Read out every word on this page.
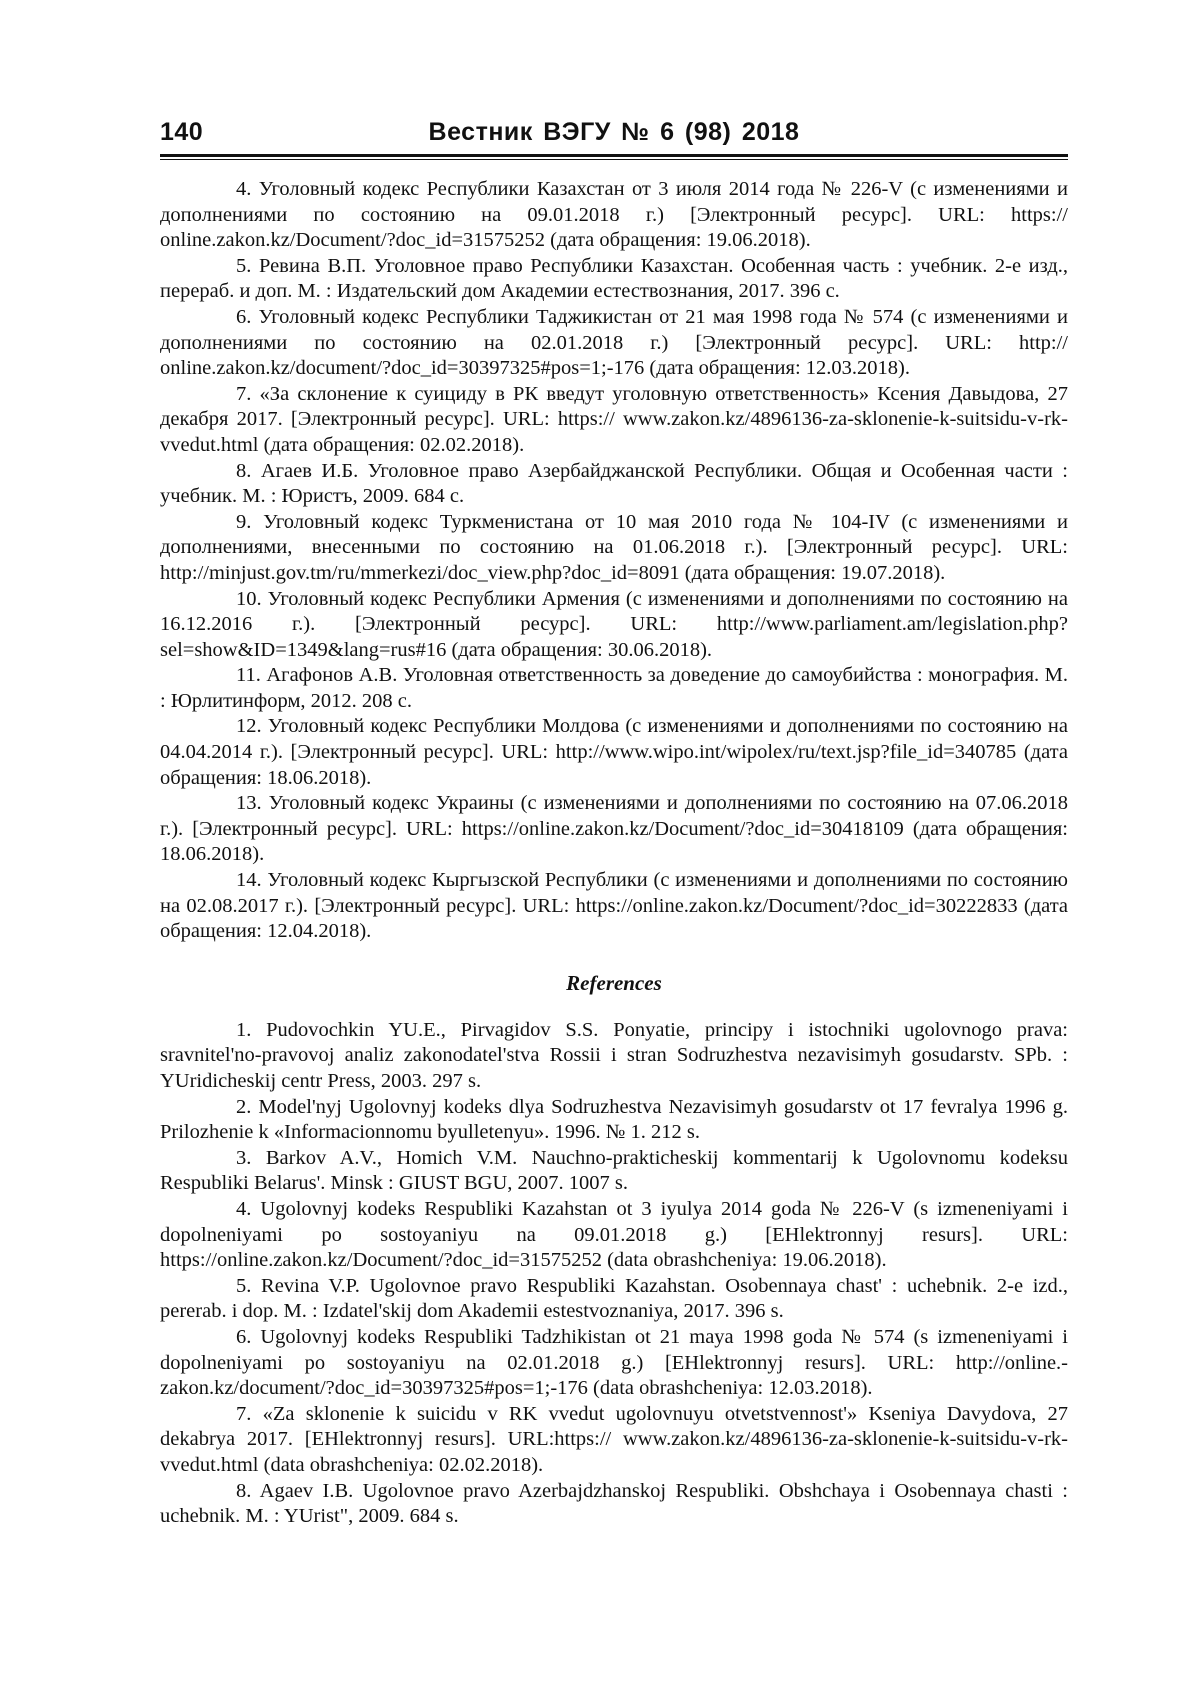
140	Вестник ВЭГУ № 6 (98) 2018

4. Уголовный кодекс Республики Казахстан от 3 июля 2014 года № 226-V (с изменениями и дополнениями по состоянию на 09.01.2018 г.) [Электронный ресурс]. URL: https:// online.zakon.kz/Document/?doc_id=31575252 (дата обращения: 19.06.2018).

5. Ревина В.П. Уголовное право Республики Казахстан. Особенная часть : учебник. 2-е изд., перераб. и доп. М. : Издательский дом Академии естествознания, 2017. 396 с.

6. Уголовный кодекс Республики Таджикистан от 21 мая 1998 года № 574 (с изменениями и дополнениями по состоянию на 02.01.2018 г.) [Электронный ресурс]. URL: http:// online.zakon.kz/document/?doc_id=30397325#pos=1;-176 (дата обращения: 12.03.2018).

7. «За склонение к суициду в РК введут уголовную ответственность» Ксения Давыдова, 27 декабря 2017. [Электронный ресурс]. URL: https:// www.zakon.kz/4896136-za-sklonenie-k-suitsidu-v-rk-vvedut.html (дата обращения: 02.02.2018).

8. Агаев И.Б. Уголовное право Азербайджанской Республики. Общая и Особенная части : учебник. М. : Юристъ, 2009. 684 с.

9. Уголовный кодекс Туркменистана от 10 мая 2010 года № 104-IV (с изменениями и дополнениями, внесенными по состоянию на 01.06.2018 г.). [Электронный ресурс]. URL: http://minjust.gov.tm/ru/mmerkezi/doc_view.php?doc_id=8091 (дата обращения: 19.07.2018).

10. Уголовный кодекс Республики Армения (с изменениями и дополнениями по состоянию на 16.12.2016 г.). [Электронный ресурс]. URL: http://www.parliament.am/legislation.php?sel=show&ID=1349&lang=rus#16 (дата обращения: 30.06.2018).

11. Агафонов А.В. Уголовная ответственность за доведение до самоубийства : монография. М. : Юрлитинформ, 2012. 208 с.

12. Уголовный кодекс Республики Молдова (с изменениями и дополнениями по состоянию на 04.04.2014 г.). [Электронный ресурс]. URL: http://www.wipo.int/wipolex/ru/text.jsp?file_id=340785 (дата обращения: 18.06.2018).

13. Уголовный кодекс Украины (с изменениями и дополнениями по состоянию на 07.06.2018 г.). [Электронный ресурс]. URL: https://online.zakon.kz/Document/?doc_id=30418109 (дата обращения: 18.06.2018).

14. Уголовный кодекс Кыргызской Республики (с изменениями и дополнениями по состоянию на 02.08.2017 г.). [Электронный ресурс]. URL: https://online.zakon.kz/Document/?doc_id=30222833 (дата обращения: 12.04.2018).

References

1. Pudovochkin YU.E., Pirvagidov S.S. Ponyatie, principy i istochniki ugolovnogo prava: sravnitel'no-pravovoj analiz zakonodatel'stva Rossii i stran Sodruzhestva nezavisimyh gosudarstv. SPb. : YUridicheskij centr Press, 2003. 297 s.

2. Model'nyj Ugolovnyj kodeks dlya Sodruzhestva Nezavisimyh gosudarstv ot 17 fevralya 1996 g. Prilozhenie k «Informacionnomu byulletenyu». 1996. № 1. 212 s.

3. Barkov A.V., Homich V.M. Nauchno-prakticheskij kommentarij k Ugolovnomu kodeksu Respubliki Belarus'. Minsk : GIUST BGU, 2007. 1007 s.

4. Ugolovnyj kodeks Respubliki Kazahstan ot 3 iyulya 2014 goda № 226-V (s izmeneniyami i dopolneniyami po sostoyaniyu na 09.01.2018 g.) [EHlektronnyj resurs]. URL: https://online.zakon.kz/Document/?doc_id=31575252 (data obrashcheniya: 19.06.2018).

5. Revina V.P. Ugolovnoe pravo Respubliki Kazahstan. Osobennaya chast' : uchebnik. 2-e izd., pererab. i dop. M. : Izdatel'skij dom Akademii estestvoznaniya, 2017. 396 s.

6. Ugolovnyj kodeks Respubliki Tadzhikistan ot 21 maya 1998 goda № 574 (s izmeneniyami i dopolneniyami po sostoyaniyu na 02.01.2018 g.) [EHlektronnyj resurs]. URL: http://online.-zakon.kz/document/?doc_id=30397325#pos=1;-176 (data obrashcheniya: 12.03.2018).

7. «Za sklonenie k suicidu v RK vvedut ugolovnuyu otvetstvennost'» Kseniya Davydova, 27 dekabrya 2017. [EHlektronnyj resurs]. URL:https:// www.zakon.kz/4896136-za-sklonenie-k-suitsidu-v-rk-vvedut.html (data obrashcheniya: 02.02.2018).

8. Agaev I.B. Ugolovnoe pravo Azerbajdzhanskoj Respubliki. Obshchaya i Osobennaya chasti : uchebnik. M. : YUrist", 2009. 684 s.
